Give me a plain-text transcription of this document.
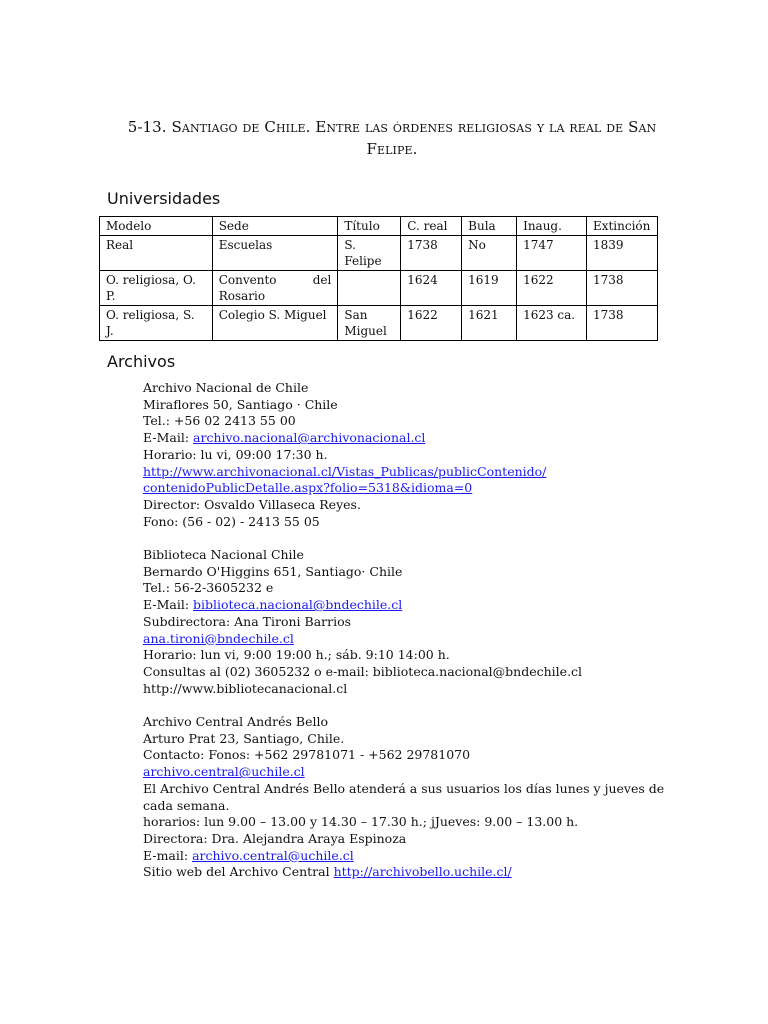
5-13. Santiago de Chile. Entre las órdenes religiosas y la real de San
Felipe.
Universidades
Modelo	Sede	Título	C. real	Bula	Inaug.	Extinción
Real	Escuelas	S. Felipe	1738	No	1747	1839
O. religiosa, O. P.	Convento del Rosario		1624	1619	1622	1738
O. religiosa, S. J.	Colegio S. Miguel	San Miguel	1622	1621	1623 ca.	1738
Archivos
Archivo Nacional de Chile
Miraflores 50, Santiago · Chile
Tel.: +56 02 2413 55 00
E-Mail: archivo.nacional@archivonacional.cl
Horario: lu vi, 09:00 17:30 h.
http://www.archivonacional.cl/Vistas_Publicas/publicContenido/
contenidoPublicDetalle.aspx?folio=5318&idioma=0
Director: Osvaldo Villaseca Reyes.
Fono: (56 - 02) - 2413 55 05
Biblioteca Nacional Chile
Bernardo O'Higgins 651, Santiago· Chile
Tel.: 56-2-3605232 e
E-Mail: biblioteca.nacional@bndechile.cl
Subdirectora: Ana Tironi Barrios
ana.tironi@bndechile.cl
Horario: lun vi, 9:00 19:00 h.; sáb. 9:10 14:00 h.
Consultas al (02) 3605232 o e-mail: biblioteca.nacional@bndechile.cl
http://www.bibliotecanacional.cl
Archivo Central Andrés Bello
Arturo Prat 23, Santiago, Chile.
Contacto: Fonos: +562 29781071 - +562 29781070
archivo.central@uchile.cl
El Archivo Central Andrés Bello atenderá a sus usuarios los días lunes y jueves de cada semana.
horarios: lun 9.00 – 13.00 y 14.30 – 17.30 h.; jJueves: 9.00 – 13.00 h.
Directora: Dra. Alejandra Araya Espinoza
E-mail: archivo.central@uchile.cl
Sitio web del Archivo Central http://archivobello.uchile.cl/
